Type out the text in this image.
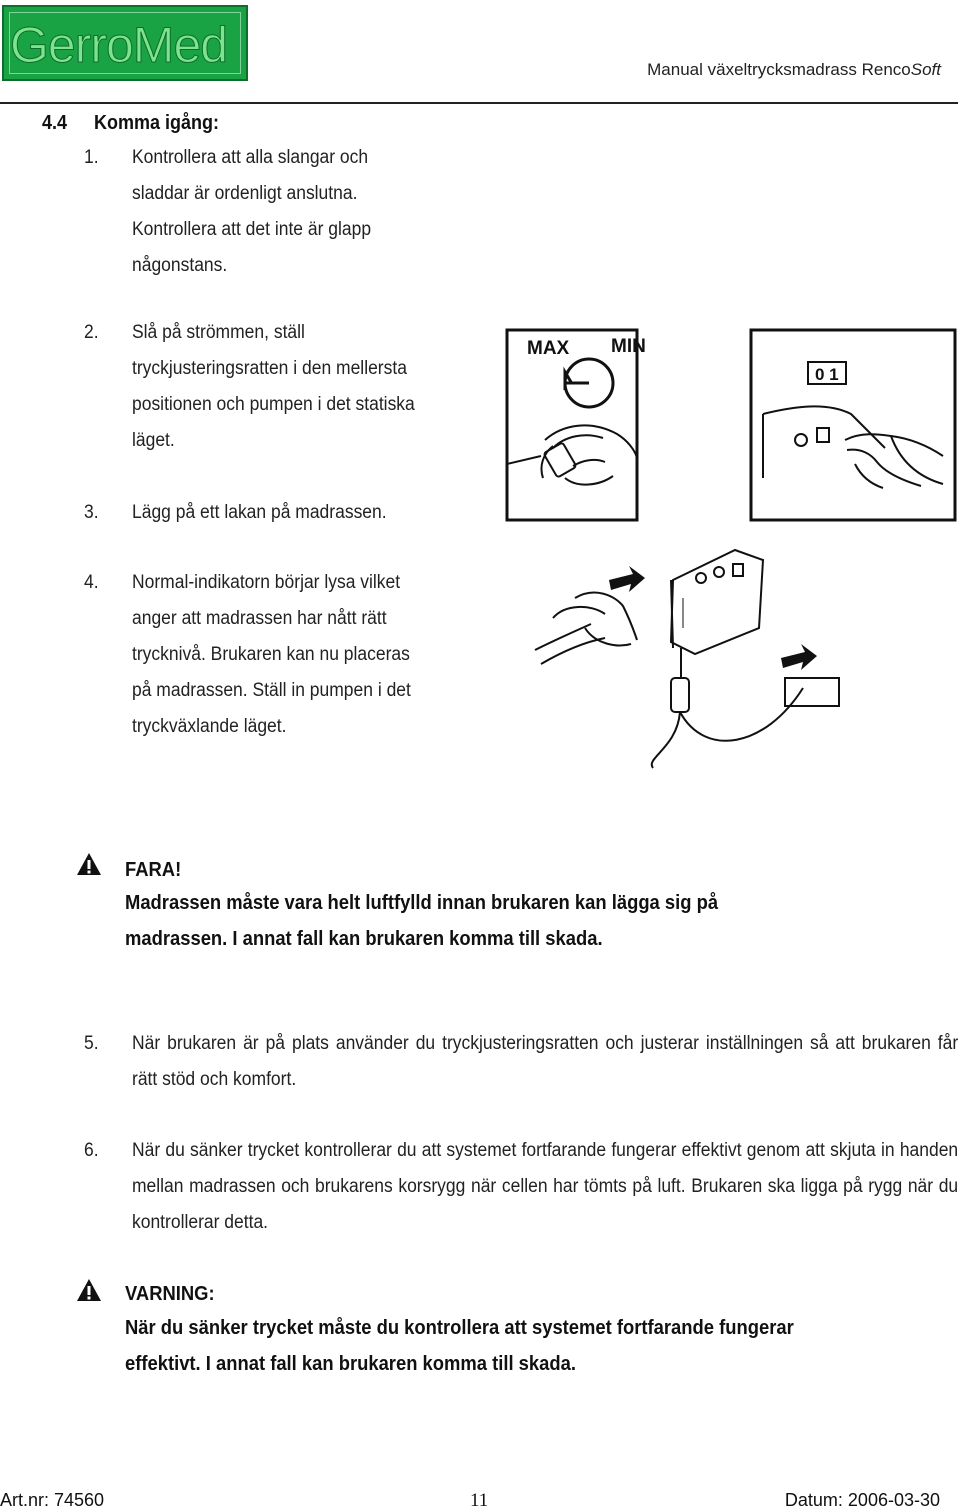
GerroMed	Manual växeltrycksmadrass RencoSoft
4.4 Komma igång:
1. Kontrollera att alla slangar och
sladdar är ordenligt anslutna.
Kontrollera att det inte är glapp
någonstans.
2. Slå på strömmen, ställ
tryckjusteringsratten i den mellersta
positionen och pumpen i det statiska
läget.
3. Lägg på ett lakan på madrassen.
4. Normal-indikatorn börjar lysa vilket
anger att madrassen har nått rätt
trycknivå. Brukaren kan nu placeras
på madrassen. Ställ in pumpen i det
tryckväxlande läget.
MAX MIN
0 1
FARA!
Madrassen måste vara helt luftfylld innan brukaren kan lägga sig på
madrassen. I annat fall kan brukaren komma till skada.
5. När brukaren är på plats använder du tryckjusteringsratten och justerar inställningen så att brukaren får rätt stöd och komfort.
6. När du sänker trycket kontrollerar du att systemet fortfarande fungerar effektivt genom att skjuta in handen mellan madrassen och brukarens korsrygg när cellen har tömts på luft. Brukaren ska ligga på rygg när du kontrollerar detta.
VARNING:
När du sänker trycket måste du kontrollera att systemet fortfarande fungerar
effektivt. I annat fall kan brukaren komma till skada.
Art.nr: 74560	11	Datum: 2006-03-30
